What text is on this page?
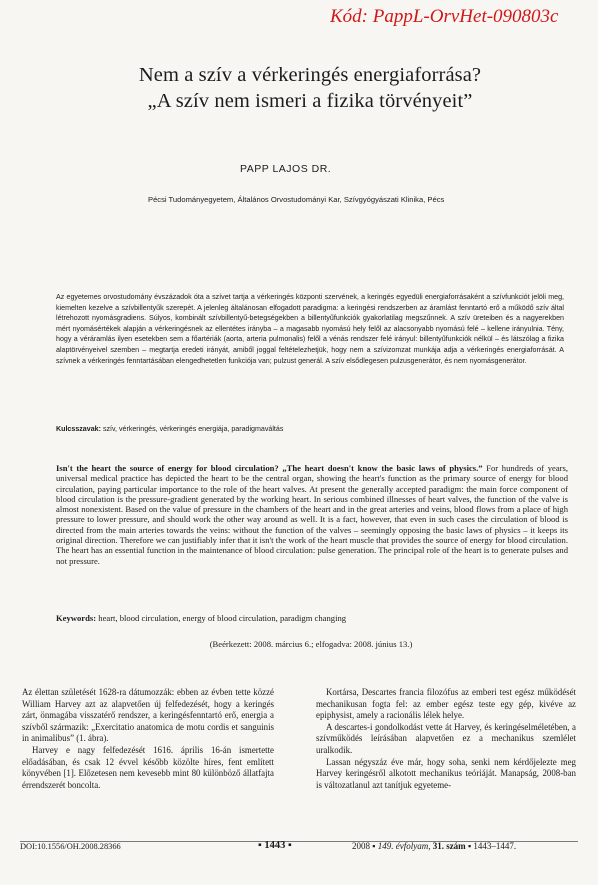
Kód: PappL-OrvHet-090803c
Nem a szív a vérkeringés energiaforrása?
„A szív nem ismeri a fizika törvényeit”
PAPP LAJOS DR.
Pécsi Tudományegyetem, Általános Orvostudományi Kar, Szívgyógyászati Klinika, Pécs

Az egyetemes orvostudomány évszázadok óta a szívet tartja a vérkeringés központi szervének, a keringés egyedüli energiaforrásaként a szívfunkciót jelöli meg, kiemelten kezelve a szívbillentyűk szerepét. A jelenleg általánosan elfogadott paradigma: a keringési rendszerben az áramlást fenntartó erő a működő szív által létrehozott nyomásgradiens. Súlyos, kombinált szívbillentyű-betegségekben a billentyűfunkciók gyakorlatilag megszűnnek. A szív üreteiben és a nagyerekben mért nyomásértékek alapján a vérkeringésnek az ellentétes irányba – a magasabb nyomású hely felől az alacsonyabb nyomású felé – kellene irányulnia. Tény, hogy a véráramlás ilyen esetekben sem a főartériák (aorta, arteria pulmonalis) felől a vénás rendszer felé irányul: billentyűfunkciók nélkül – és látszólag a fizika alaptörvényeivel szemben – megtartja eredeti irányát, amiből joggal feltételezhetjük, hogy nem a szívizomzat munkája adja a vérkeringés energiaforrását. A szívnek a vérkeringés fenntartásában elengedhetetlen funkciója van; pulzust generál. A szív elsődlegesen pulzusgenerátor, és nem nyomásgenerátor.

Kulcsszavak: szív, vérkeringés, vérkeringés energiája, paradigmaváltás

Isn't the heart the source of energy for blood circulation? „The heart doesn't know the basic laws of physics.” For hundreds of years, universal medical practice has depicted the heart to be the central organ, showing the heart's function as the primary source of energy for blood circulation, paying particular importance to the role of the heart valves. At present the generally accepted paradigm: the main force component of blood circulation is the pressure-gradient generated by the working heart. In serious combined illnesses of heart valves, the function of the valve is almost nonexistent. Based on the value of pressure in the chambers of the heart and in the great arteries and veins, blood flows from a place of high pressure to lower pressure, and should work the other way around as well. It is a fact, however, that even in such cases the circulation of blood is directed from the main arteries towards the veins: without the function of the valves – seemingly opposing the basic laws of physics – it keeps its original direction. Therefore we can justifiably infer that it isn't the work of the heart muscle that provides the source of energy for blood circulation. The heart has an essential function in the maintenance of blood circulation: pulse generation. The principal role of the heart is to generate pulses and not pressure.

Keywords: heart, blood circulation, energy of blood circulation, paradigm changing
(Beérkezett: 2008. március 6.; elfogadva: 2008. június 13.)

Az élettan születését 1628-ra dátumozzák: ebben az évben tette közzé William Harvey azt az alapvetően új felfedezését, hogy a keringés zárt, önmagába visszatérő rendszer, a keringésfenntartó erő, energia a szívből származik: „Exercitatio anatomica de motu cordis et sanguinis in animalibus” (1. ábra).

Harvey e nagy felfedezését 1616. április 16-án ismertette előadásában, és csak 12 évvel később közölte híres, fent említett könyvében [1]. Előzetesen nem kevesebb mint 80 különböző állatfajta érrendszerét boncolta.

Kortársa, Descartes francia filozófus az emberi test egész működését mechanikusan fogta fel: az ember egész teste egy gép, kivéve az epiphysist, amely a racionális lélek helye.

A descartes-i gondolkodást vette át Harvey, és keringéselméletében, a szívműködés leírásában alapvetően ez a mechanikus szemlélet uralkodik.

Lassan négyszáz éve már, hogy soha, senki nem kérdőjelezte meg Harvey keringésről alkotott mechanikus teóriáját. Manapság, 2008-ban is változatlanul azt tanítjuk egyeteme-

DOI:10.1556/OH.2008.28366	▪ 1443 ▪	2008 ▪ 149. évfolyam, 31. szám ▪ 1443–1447.
